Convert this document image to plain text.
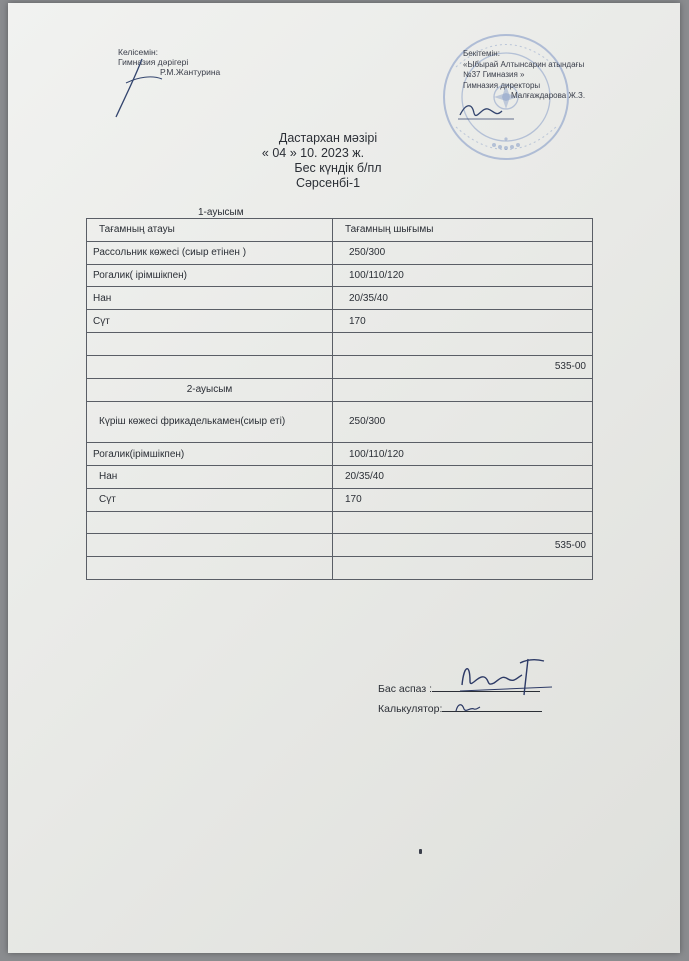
Келісемін:
Гимназия дәрігері
Р.М.Жантурина
Бекітемін:
«Ыбырай Алтынсарин атындағы
№37 Гимназия »
Гимназия директоры
Малғаждарова Ж.З.
Дастархан мәзірі
« 04 » 10. 2023 ж.
Бес күндік б/пл
Сәрсенбі-1
1-ауысым
Тағамның атауы	Тағамның шығымы
Рассольник көжесі (сиыр етінен )	250/300
Рогалик( ірімшікпен)	100/110/120
Нан	20/35/40
Сүт	170

	535-00
2-ауысым	
Күріш көжесі фрикаделькамен(сиыр еті)	250/300
Рогалик(ірімшікпен)	100/110/120
Нан	20/35/40
Сүт	170

	535-00

Бас аспаз :
Калькулятор:
